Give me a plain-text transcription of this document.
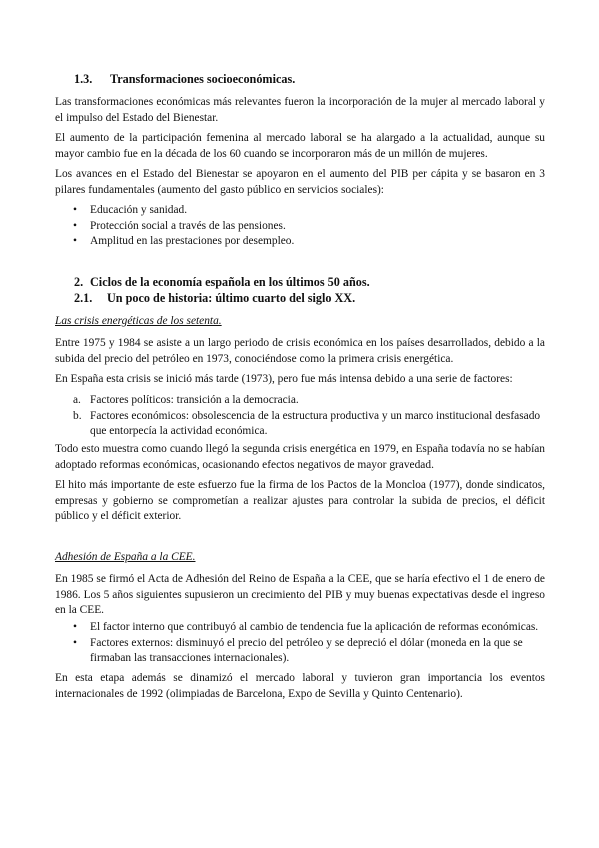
1.3. Transformaciones socioeconómicas.

Las transformaciones económicas más relevantes fueron la incorporación de la mujer al mercado laboral y el impulso del Estado del Bienestar.

El aumento de la participación femenina al mercado laboral se ha alargado a la actualidad, aunque su mayor cambio fue en la década de los 60 cuando se incorporaron más de un millón de mujeres.

Los avances en el Estado del Bienestar se apoyaron en el aumento del PIB per cápita y se basaron en 3 pilares fundamentales (aumento del gasto público en servicios sociales):

• Educación y sanidad.
• Protección social a través de las pensiones.
• Amplitud en las prestaciones por desempleo.
2. Ciclos de la economía española en los últimos 50 años.
2.1. Un poco de historia: último cuarto del siglo XX.
Las crisis energéticas de los setenta.

Entre 1975 y 1984 se asiste a un largo periodo de crisis económica en los países desarrollados, debido a la subida del precio del petróleo en 1973, conociéndose como la primera crisis energética.

En España esta crisis se inició más tarde (1973), pero fue más intensa debido a una serie de factores:

a. Factores políticos: transición a la democracia.
b. Factores económicos: obsolescencia de la estructura productiva y un marco institucional desfasado que entorpecía la actividad económica.

Todo esto muestra como cuando llegó la segunda crisis energética en 1979, en España todavía no se habían adoptado reformas económicas, ocasionando efectos negativos de mayor gravedad.

El hito más importante de este esfuerzo fue la firma de los Pactos de la Moncloa (1977), donde sindicatos, empresas y gobierno se comprometían a realizar ajustes para controlar la subida de precios, el déficit público y el déficit exterior.

Adhesión de España a la CEE.

En 1985 se firmó el Acta de Adhesión del Reino de España a la CEE, que se haría efectivo el 1 de enero de 1986. Los 5 años siguientes supusieron un crecimiento del PIB y muy buenas expectativas desde el ingreso en la CEE.

• El factor interno que contribuyó al cambio de tendencia fue la aplicación de reformas económicas.
• Factores externos: disminuyó el precio del petróleo y se depreció el dólar (moneda en la que se firmaban las transacciones internacionales).

En esta etapa además se dinamizó el mercado laboral y tuvieron gran importancia los eventos internacionales de 1992 (olimpiadas de Barcelona, Expo de Sevilla y Quinto Centenario).
